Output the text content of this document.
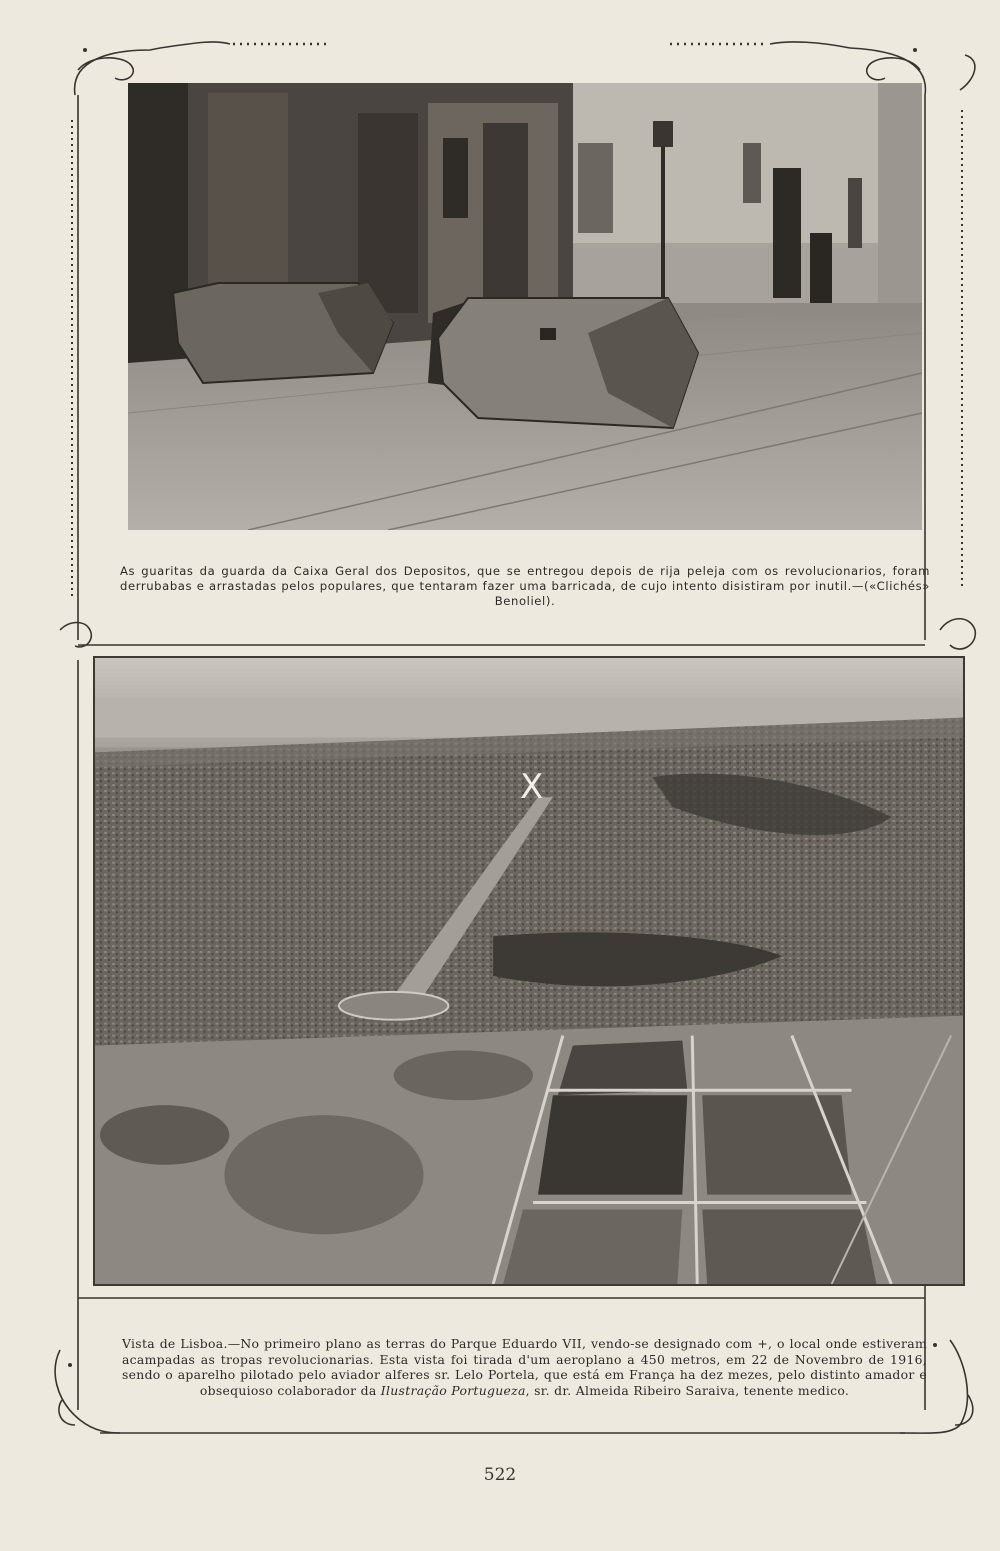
As guaritas da guarda da Caixa Geral dos Depositos, que se entregou depois de rija peleja com os revolucionarios, foram derrubabas e arrastadas pelos populares, que tentaram fazer uma barricada, de cujo intento disistiram por inutil.—(«Clichés» Benoliel).
X
Vista de Lisboa.—No primeiro plano as terras do Parque Eduardo VII, vendo-se designado com +, o local onde estiveram acampadas as tropas revolucionarias. Esta vista foi tirada d'um aeroplano a 450 metros, em 22 de Novembro de 1916, sendo o aparelho pilotado pelo aviador alferes sr. Lelo Portela, que está em França ha dez mezes, pelo distinto amador e obsequioso colaborador da Ilustração Portugueza, sr. dr. Almeida Ribeiro Saraiva, tenente medico.
522
